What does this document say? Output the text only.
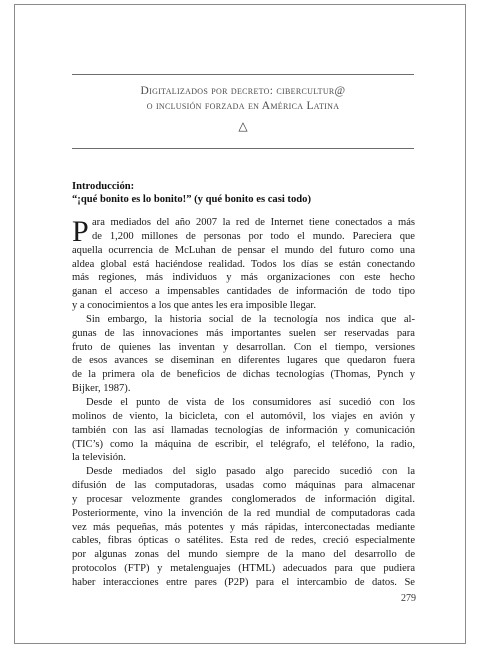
Digitalizados por decreto: cibercultur@
o inclusión forzada en América Latina
△
Introducción:
“¡qué bonito es lo bonito!” (y qué bonito es casi todo)
P ara mediados del año 2007 la red de Internet tiene conectados a más
de 1,200 millones de personas por todo el mundo. Pareciera que
aquella ocurrencia de McLuhan de pensar el mundo del futuro como una
aldea global está haciéndose realidad. Todos los días se están conectando
más regiones, más individuos y más organizaciones con este hecho
ganan el acceso a impensables cantidades de información de todo tipo
y a conocimientos a los que antes les era imposible llegar.
Sin embargo, la historia social de la tecnología nos indica que al-
gunas de las innovaciones más importantes suelen ser reservadas para
fruto de quienes las inventan y desarrollan. Con el tiempo, versiones
de esos avances se diseminan en diferentes lugares que quedaron fuera
de la primera ola de beneficios de dichas tecnologías (Thomas, Pynch y
Bijker, 1987).
Desde el punto de vista de los consumidores así sucedió con los
molinos de viento, la bicicleta, con el automóvil, los viajes en avión y
también con las así llamadas tecnologías de información y comunicación
(TIC’s) como la máquina de escribir, el telégrafo, el teléfono, la radio,
la televisión.
Desde mediados del siglo pasado algo parecido sucedió con la
difusión de las computadoras, usadas como máquinas para almacenar
y procesar velozmente grandes conglomerados de información digital.
Posteriormente, vino la invención de la red mundial de computadoras cada
vez más pequeñas, más potentes y más rápidas, interconectadas mediante
cables, fibras ópticas o satélites. Esta red de redes, creció especialmente
por algunas zonas del mundo siempre de la mano del desarrollo de
protocolos (FTP) y metalenguajes (HTML) adecuados para que pudiera
haber interacciones entre pares (P2P) para el intercambio de datos. Se
279
